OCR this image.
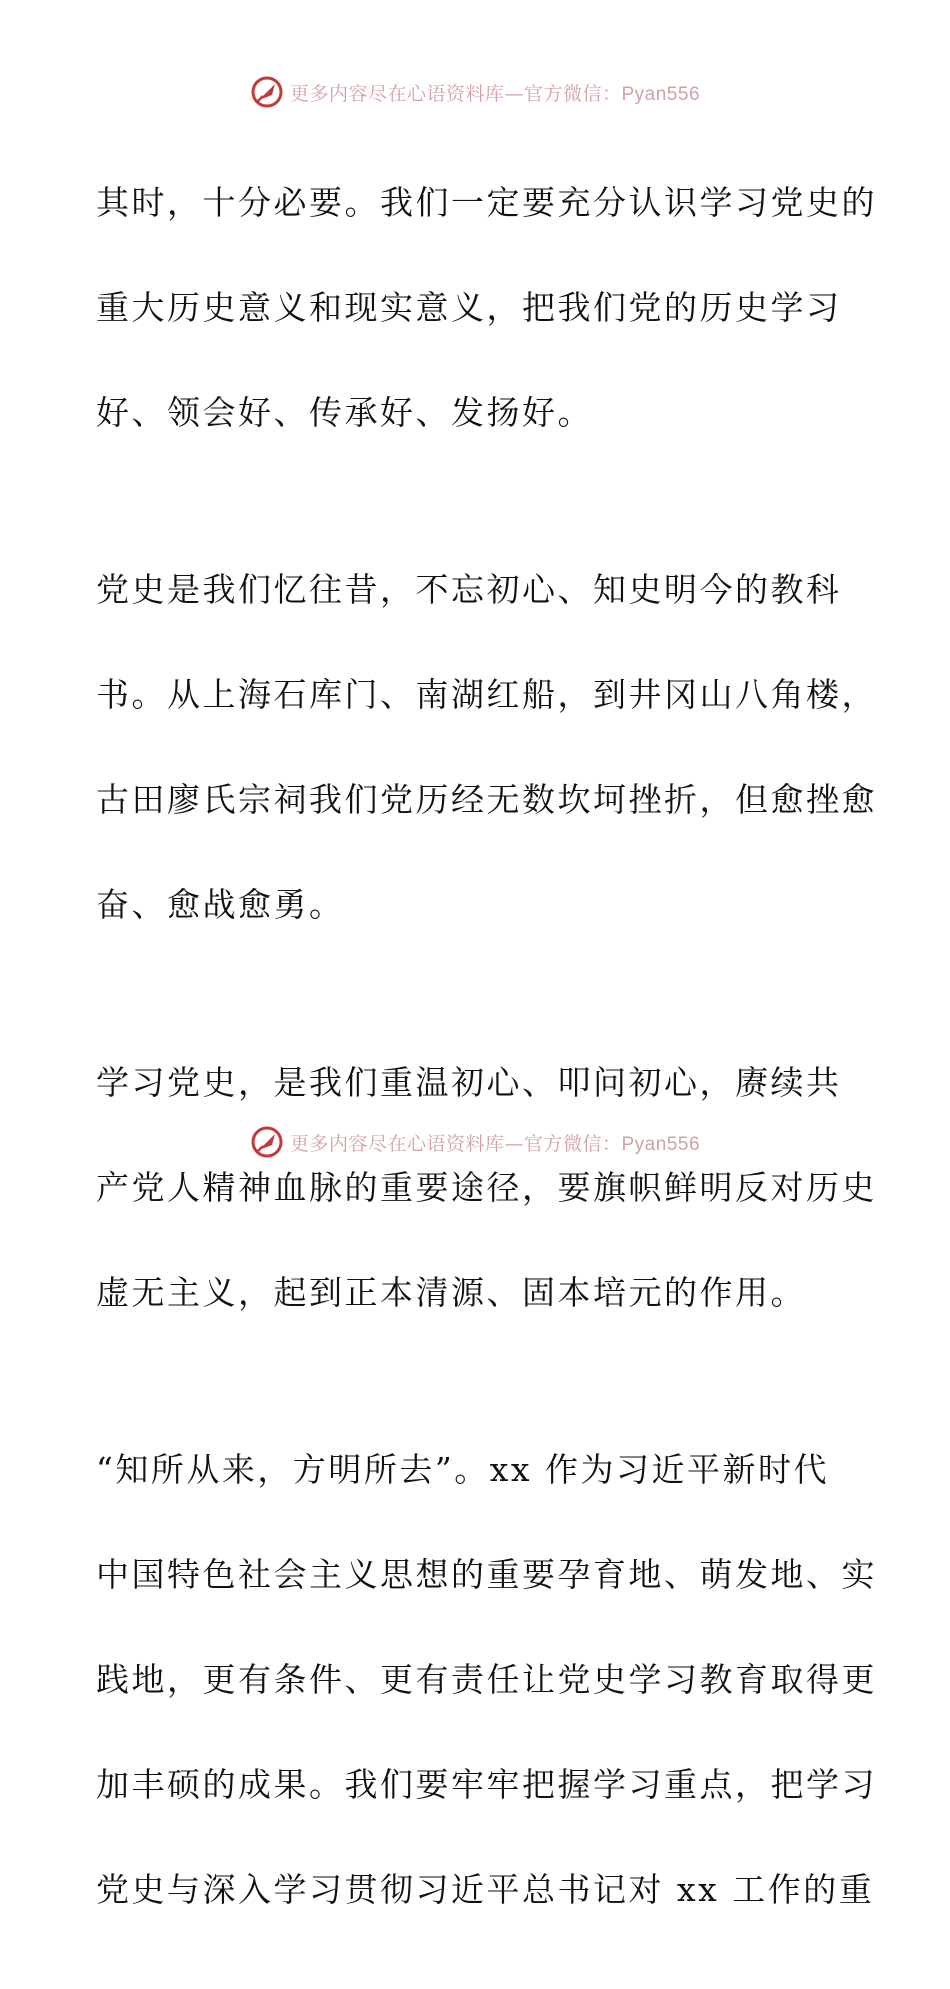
更多内容尽在心语资料库—官方微信：Pyan556

其时，十分必要。我们一定要充分认识学习党史的

重大历史意义和现实意义，把我们党的历史学习

好、领会好、传承好、发扬好。

党史是我们忆往昔，不忘初心、知史明今的教科

书。从上海石库门、南湖红船，到井冈山八角楼，

古田廖氏宗祠我们党历经无数坎坷挫折，但愈挫愈

奋、愈战愈勇。

学习党史，是我们重温初心、叩问初心，赓续共

产党人精神血脉的重要途径，要旗帜鲜明反对历史

虚无主义，起到正本清源、固本培元的作用。

“知所从来，方明所去”。xx 作为习近平新时代

中国特色社会主义思想的重要孕育地、萌发地、实

践地，更有条件、更有责任让党史学习教育取得更

加丰硕的成果。我们要牢牢把握学习重点，把学习

党史与深入学习贯彻习近平总书记对 xx 工作的重

更多内容尽在心语资料库—官方微信：Pyan556
